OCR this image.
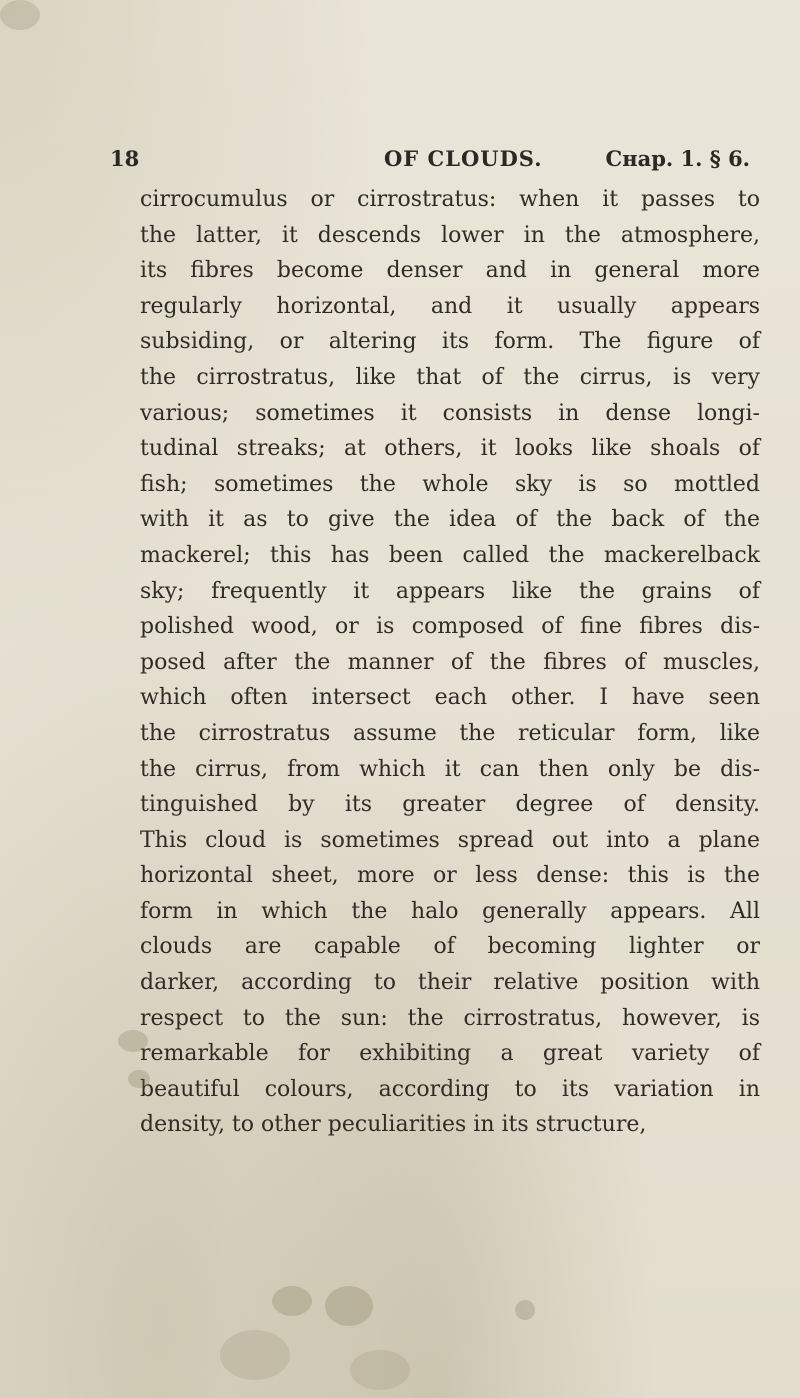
18	OF CLOUDS.	Cнар. 1. § 6.
cirrocumulus or cirrostratus: when it passes to
the latter, it descends lower in the atmosphere,
its fibres become denser and in general more
regularly horizontal, and it usually appears
subsiding, or altering its form. The figure of
the cirrostratus, like that of the cirrus, is very
various; sometimes it consists in dense longi-
tudinal streaks; at others, it looks like shoals of
fish; sometimes the whole sky is so mottled
with it as to give the idea of the back of the
mackerel; this has been called the mackerelback
sky; frequently it appears like the grains of
polished wood, or is composed of fine fibres dis-
posed after the manner of the fibres of muscles,
which often intersect each other. I have seen
the cirrostratus assume the reticular form, like
the cirrus, from which it can then only be dis-
tinguished by its greater degree of density.
This cloud is sometimes spread out into a plane
horizontal sheet, more or less dense: this is the
form in which the halo generally appears. All
clouds are capable of becoming lighter or
darker, according to their relative position with
respect to the sun: the cirrostratus, however, is
remarkable for exhibiting a great variety of
beautiful colours, according to its variation in
density, to other peculiarities in its structure,
